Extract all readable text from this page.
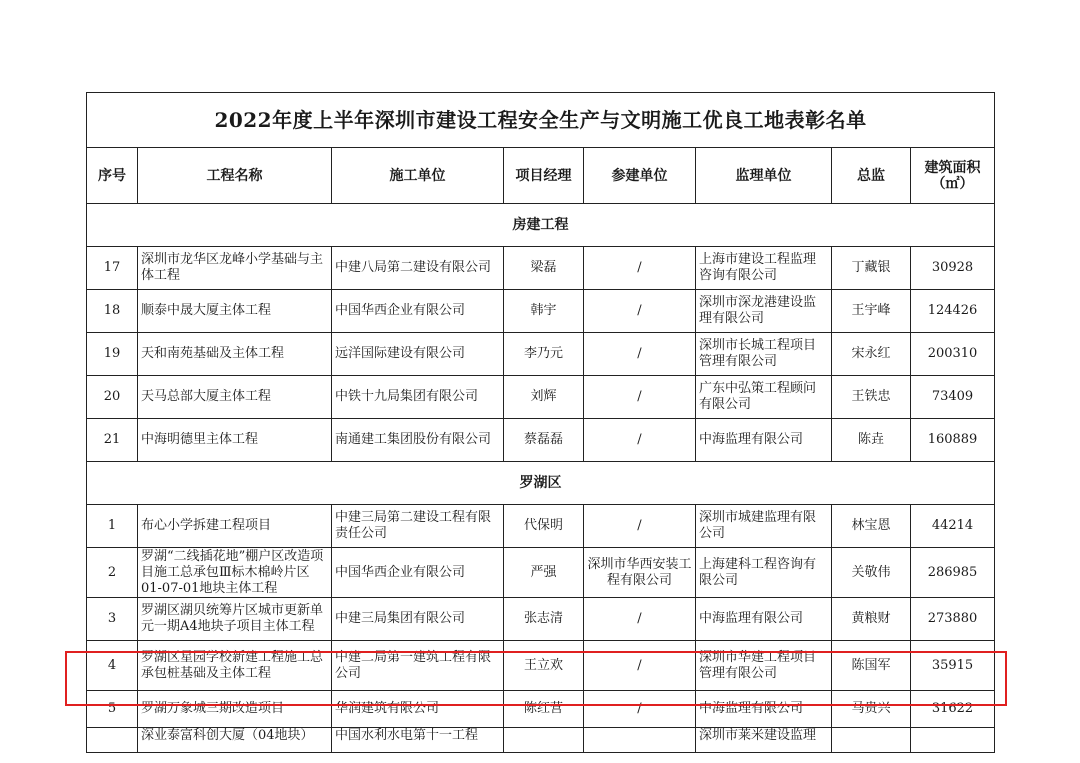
2022年度上半年深圳市建设工程安全生产与文明施工优良工地表彰名单							
序号	工程名称	施工单位	项目经理	参建单位	监理单位	总监	建筑面积（㎡）
房建工程							
17	深圳市龙华区龙峰小学基础与主体工程	中建八局第二建设有限公司	梁磊	/	上海市建设工程监理咨询有限公司	丁藏银	30928
18	顺泰中晟大厦主体工程	中国华西企业有限公司	韩宇	/	深圳市深龙港建设监理有限公司	王宇峰	124426
19	天和南苑基础及主体工程	远洋国际建设有限公司	李乃元	/	深圳市长城工程项目管理有限公司	宋永红	200310
20	天马总部大厦主体工程	中铁十九局集团有限公司	刘辉	/	广东中弘策工程顾问有限公司	王铁忠	73409
21	中海明德里主体工程	南通建工集团股份有限公司	蔡磊磊	/	中海监理有限公司	陈垚	160889
罗湖区							
1	布心小学拆建工程项目	中建三局第二建设工程有限责任公司	代保明	/	深圳市城建监理有限公司	林宝恩	44214
2	罗湖“二线插花地”棚户区改造项目施工总承包Ⅲ标木棉岭片区01-07-01地块主体工程	中国华西企业有限公司	严强	深圳市华西安装工程有限公司	上海建科工程咨询有限公司	关敬伟	286985
3	罗湖区湖贝统筹片区城市更新单元一期A4地块子项目主体工程	中建三局集团有限公司	张志清	/	中海监理有限公司	黄粮财	273880
4	罗湖区星园学校新建工程施工总承包桩基础及主体工程	中建二局第一建筑工程有限公司	王立欢	/	深圳市华建工程项目管理有限公司	陈国军	35915
5	罗湖万象城三期改造项目	华润建筑有限公司	陈红营	/	中海监理有限公司	马贵兴	31622
	深业泰富科创大厦（04地块）	中国水利水电第十一工程			深圳市莱米建设监理		
